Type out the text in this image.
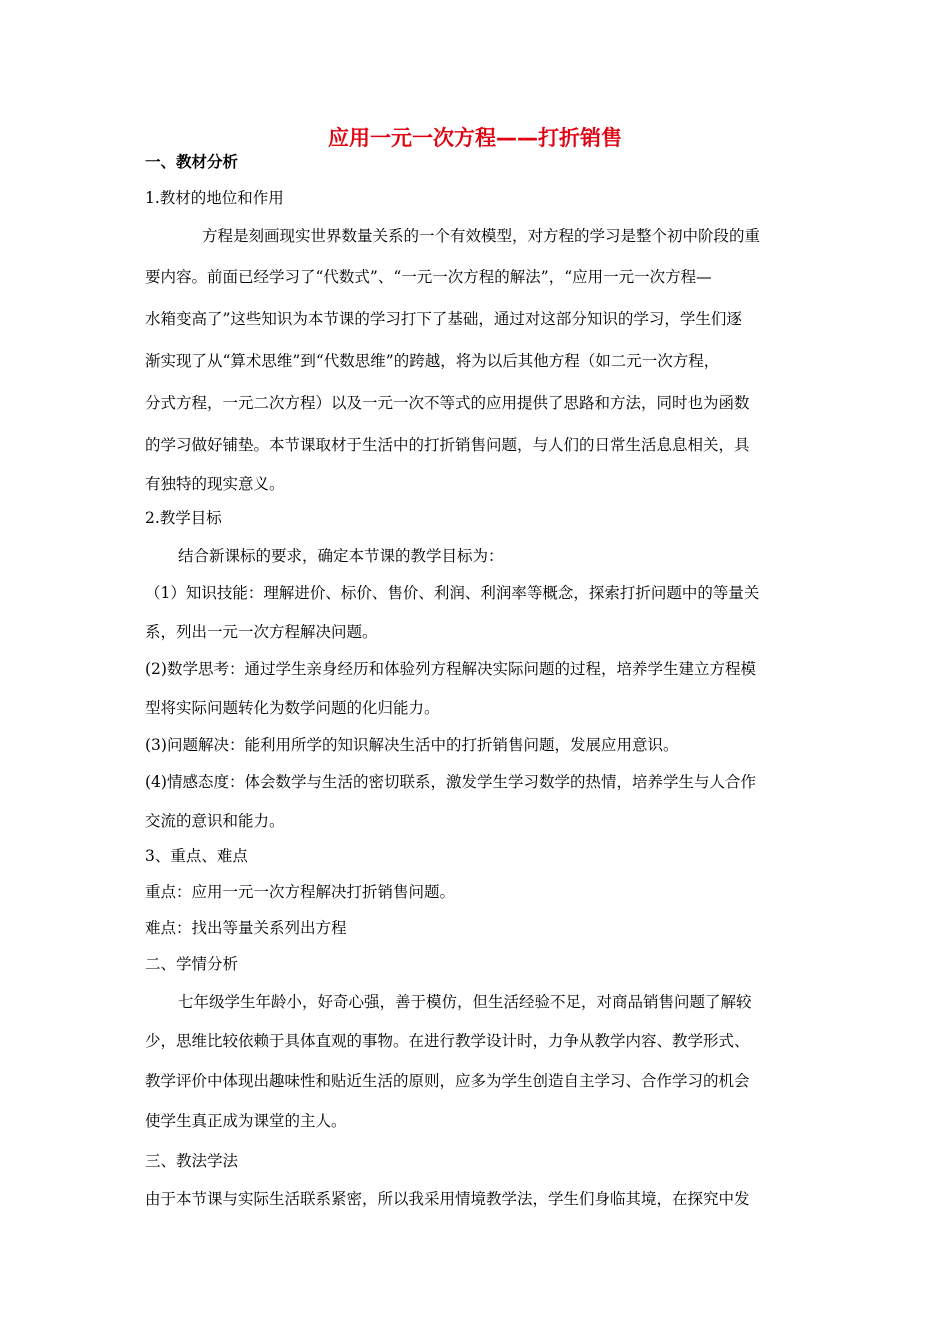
应用一元一次方程——打折销售
一、教材分析
1.教材的地位和作用
方程是刻画现实世界数量关系的一个有效模型，对方程的学习是整个初中阶段的重
要内容。前面已经学习了“代数式”、“一元一次方程的解法”，“应用一元一次方程—
水箱变高了”这些知识为本节课的学习打下了基础，通过对这部分知识的学习，学生们逐
渐实现了从“算术思维”到“代数思维”的跨越，将为以后其他方程（如二元一次方程，
分式方程，一元二次方程）以及一元一次不等式的应用提供了思路和方法，同时也为函数
的学习做好铺垫。本节课取材于生活中的打折销售问题，与人们的日常生活息息相关，具
有独特的现实意义。
2.教学目标
结合新课标的要求，确定本节课的教学目标为：
（1）知识技能：理解进价、标价、售价、利润、利润率等概念，探索打折问题中的等量关
系，列出一元一次方程解决问题。
(2)数学思考：通过学生亲身经历和体验列方程解决实际问题的过程，培养学生建立方程模
型将实际问题转化为数学问题的化归能力。
(3)问题解决：能利用所学的知识解决生活中的打折销售问题，发展应用意识。
(4)情感态度：体会数学与生活的密切联系，激发学生学习数学的热情，培养学生与人合作
交流的意识和能力。
3、重点、难点
重点：应用一元一次方程解决打折销售问题。
难点：找出等量关系列出方程
二、学情分析
七年级学生年龄小，好奇心强，善于模仿，但生活经验不足，对商品销售问题了解较
少，思维比较依赖于具体直观的事物。在进行教学设计时，力争从教学内容、教学形式、
教学评价中体现出趣味性和贴近生活的原则，应多为学生创造自主学习、合作学习的机会
使学生真正成为课堂的主人。
三、教法学法
由于本节课与实际生活联系紧密，所以我采用情境教学法，学生们身临其境，在探究中发
